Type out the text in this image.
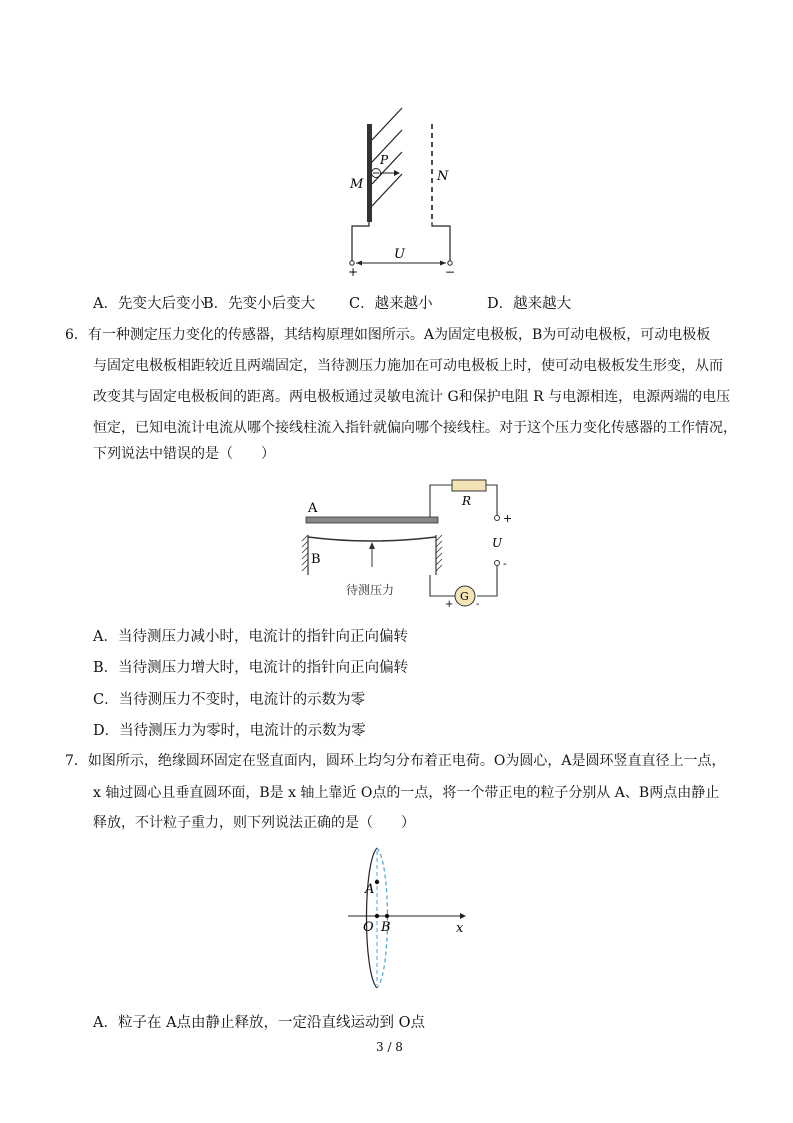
M
N
P
U
+	−
A．先变大后变小
B．先变小后变大 C．越来越小	D．越来越大
6．有一种测定压力变化的传感器，其结构原理如图所示。A为固定电极板，B为可动电极板，可动电极板
与固定电极板相距较近且两端固定，当待测压力施加在可动电极板上时，使可动电极板发生形变，从而
改变其与固定电极板间的距离。两电极板通过灵敏电流计 G和保护电阻 R 与电源相连，电源两端的电压
恒定，已知电流计电流从哪个接线柱流入指针就偏向哪个接线柱。对于这个压力变化传感器的工作情况，
下列说法中错误的是（　　）
A
B
R
+
U
-
G
+ -
待测压力
A．当待测压力减小时，电流计的指针向正向偏转
B．当待测压力增大时，电流计的指针向正向偏转
C．当待测压力不变时，电流计的示数为零
D．当待测压力为零时，电流计的示数为零
7．如图所示，绝缘圆环固定在竖直面内，圆环上均匀分布着正电荷。O为圆心，A是圆环竖直直径上一点，
x 轴过圆心且垂直圆环面，B是 x 轴上靠近 O点的一点，将一个带正电的粒子分别从 A、B两点由静止
释放，不计粒子重力，则下列说法正确的是（　　）
A
O B	x
A．粒子在 A点由静止释放，一定沿直线运动到 O点
3 / 8
